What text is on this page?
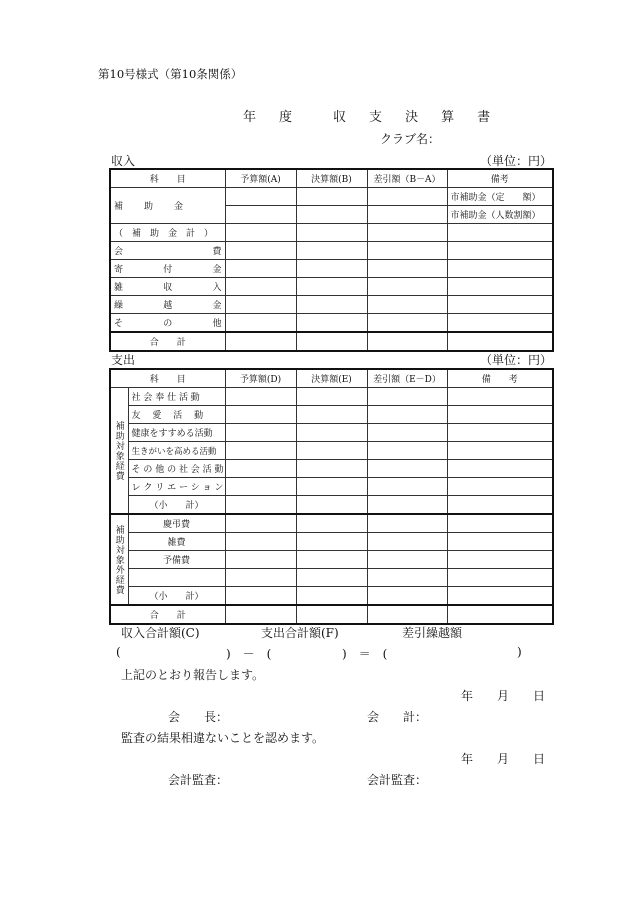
第10号様式（第10条関係）
年 度	収 支 決 算 書
クラブ名：
収入	（単位：円）
科　　目	予算額(A)	決算額(B)	差引額（B－A）	備考
補　　助　　金				市補助金（定　　額）
				市補助金（人数割額）
（　補　助　金　計　）				

会 費				

寄 付 金				

雑 収 入				

繰 越 金				

そ の 他				

合　　計				
支出	（単位：円）
科　　目		予算額(D)	決算額(E)	差引額（E－D）	備　　考

補助対象経費	社 会 奉 仕 活 動				
	友　 愛　 活　 動				
	健康をすすめる活動				
	生きがいを高める活動				
	そ の 他 の 社 会 活 動				
	レ ク リ エ ー シ ョ ン				
	（小　　計）				

補助対象外経費	慶弔費				
	雑費				
	予備費				

	（小　　計）				
合　　計					
収入合計額(C)	支出合計額(F)	差引繰越額
(	)　－　(	)　＝　(	)
上記のとおり報告します。
年 月 日
会　　長：	会　　計：
監査の結果相違ないことを認めます。
年 月 日
会計監査：	会計監査：
